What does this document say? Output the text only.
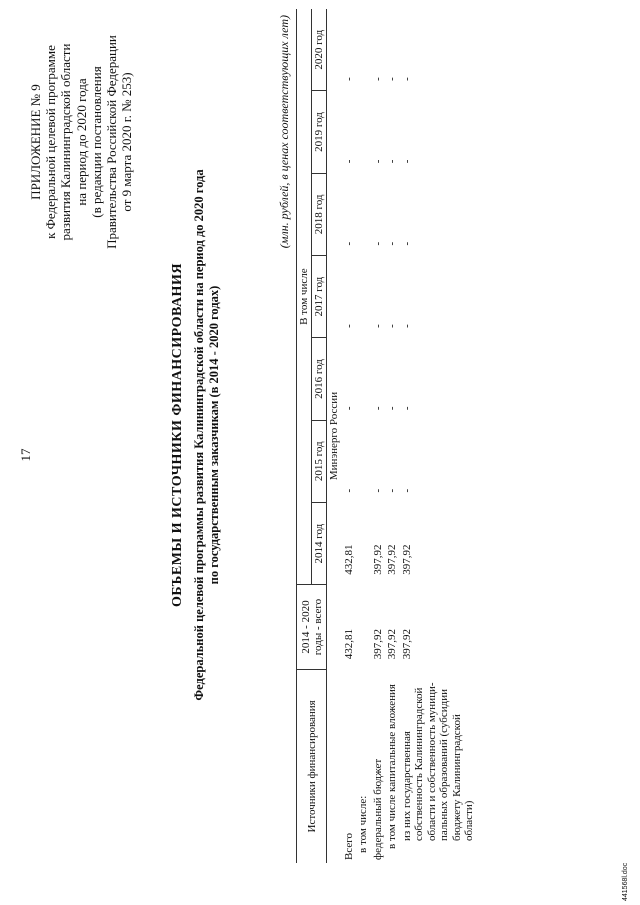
17
ПРИЛОЖЕНИЕ № 9 к Федеральной целевой программе развития Калининградской области на период до 2020 года (в редакции постановления Правительства Российской Федерации от 9 марта 2020 г. № 253)
ОБЪЕМЫ И ИСТОЧНИКИ ФИНАНСИРОВАНИЯ Федеральной целевой программы развития Калининградской области на период до 2020 года по государственным заказчикам (в 2014 - 2020 годах)
(млн. рублей, в ценах соответствующих лет)
Источники финансирования	2014 - 2020 годы - всего	В том числе						
		2014 год	2015 год	2016 год	2017 год	2018 год	2019 год	2020 год
Минэнерго России								
Всего	432,81	432,81	-	-	-	-	-	-
в том числе:								
федеральный бюджет	397,92	397,92	-	-	-	-	-	-
в том числе капитальные вложения	397,92	397,92	-	-	-	-	-	-
из них государственная собственность Калининградской области и собственность муници-пальных образований (субсидии бюджету Калининградской области)	397,92	397,92	-	-	-	-	-	-
441568l.doc
